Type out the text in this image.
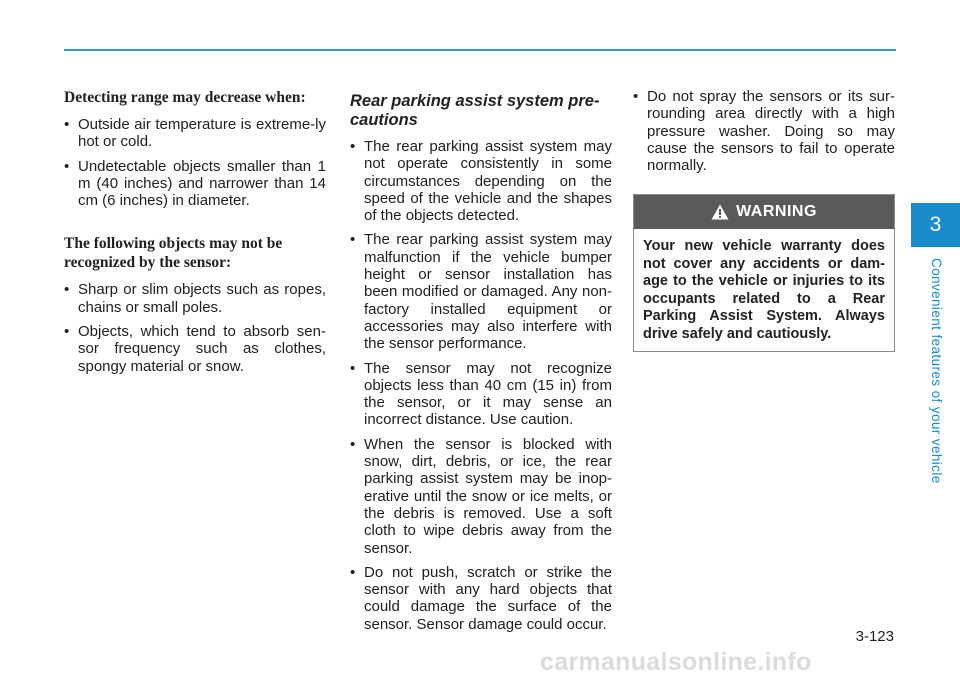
Detecting range may decrease when:

• Outside air temperature is extreme-ly hot or cold.
• Undetectable objects smaller than 1 m (40 inches) and narrower than 14 cm (6 inches) in diameter.

The following objects may not be recognized by the sensor:

• Sharp or slim objects such as ropes, chains or small poles.
• Objects, which tend to absorb sen-sor frequency such as clothes, spongy material or snow.

Rear parking assist system pre-cautions

• The rear parking assist system may not operate consistently in some circumstances depending on the speed of the vehicle and the shapes of the objects detected.
• The rear parking assist system may malfunction if the vehicle bumper height or sensor installation has been modified or damaged. Any non-factory installed equipment or accessories may also interfere with the sensor performance.
• The sensor may not recognize objects less than 40 cm (15 in) from the sensor, or it may sense an incorrect distance. Use caution.
• When the sensor is blocked with snow, dirt, debris, or ice, the rear parking assist system may be inop-erative until the snow or ice melts, or the debris is removed. Use a soft cloth to wipe debris away from the sensor.
• Do not push, scratch or strike the sensor with any hard objects that could damage the surface of the sensor. Sensor damage could occur.
• Do not spray the sensors or its sur-rounding area directly with a high pressure washer. Doing so may cause the sensors to fail to operate normally.
WARNING
Your new vehicle warranty does not cover any accidents or dam-age to the vehicle or injuries to its occupants related to a Rear Parking Assist System. Always drive safely and cautiously.
3
Convenient features of your vehicle
3-123
carmanualsonline.info
